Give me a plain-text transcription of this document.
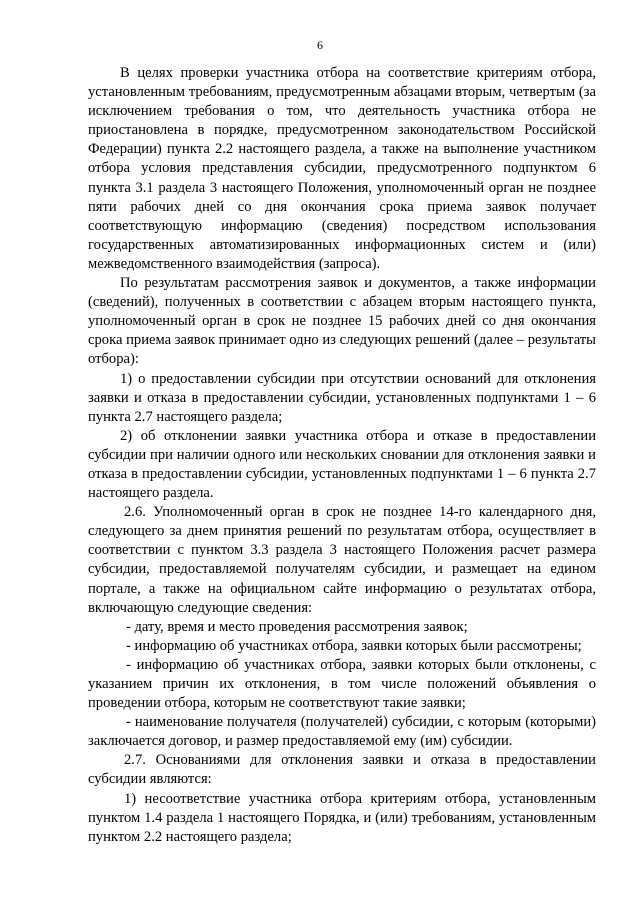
6

В целях проверки участника отбора на соответствие критериям отбора, установленным требованиям, предусмотренным абзацами вторым, четвертым (за исключением требования о том, что деятельность участника отбора не приостановлена в порядке, предусмотренном законодательством Российской Федерации) пункта 2.2 настоящего раздела, а также на выполнение участником отбора условия представления субсидии, предусмотренного подпунктом 6 пункта 3.1 раздела 3 настоящего Положения, уполномоченный орган не позднее пяти рабочих дней со дня окончания срока приема заявок получает соответствующую информацию (сведения) посредством использования государственных автоматизированных информационных систем и (или) межведомственного взаимодействия (запроса).

По результатам рассмотрения заявок и документов, а также информации (сведений), полученных в соответствии с абзацем вторым настоящего пункта, уполномоченный орган в срок не позднее 15 рабочих дней со дня окончания срока приема заявок принимает одно из следующих решений (далее – результаты отбора):

1) о предоставлении субсидии при отсутствии оснований для отклонения заявки и отказа в предоставлении субсидии, установленных подпунктами 1 – 6 пункта 2.7 настоящего раздела;

2) об отклонении заявки участника отбора и отказе в предоставлении субсидии при наличии одного или нескольких сновании для отклонения заявки и отказа в предоставлении субсидии, установленных подпунктами 1 – 6 пункта 2.7 настоящего раздела.

2.6. Уполномоченный орган в срок не позднее 14-го календарного дня, следующего за днем принятия решений по результатам отбора, осуществляет в соответствии с пунктом 3.3 раздела 3 настоящего Положения расчет размера субсидии, предоставляемой получателям субсидии, и размещает на едином портале, а также на официальном сайте информацию о результатах отбора, включающую следующие сведения:

- дату, время и место проведения рассмотрения заявок;

- информацию об участниках отбора, заявки которых были рассмотрены;

- информацию об участниках отбора, заявки которых были отклонены, с указанием причин их отклонения, в том числе положений объявления о проведении отбора, которым не соответствуют такие заявки;

- наименование получателя (получателей) субсидии, с которым (которыми) заключается договор, и размер предоставляемой ему (им) субсидии.

2.7. Основаниями для отклонения заявки и отказа в предоставлении субсидии являются:

1) несоответствие участника отбора критериям отбора, установленным пунктом 1.4 раздела 1 настоящего Порядка, и (или) требованиям, установленным пунктом 2.2 настоящего раздела;
